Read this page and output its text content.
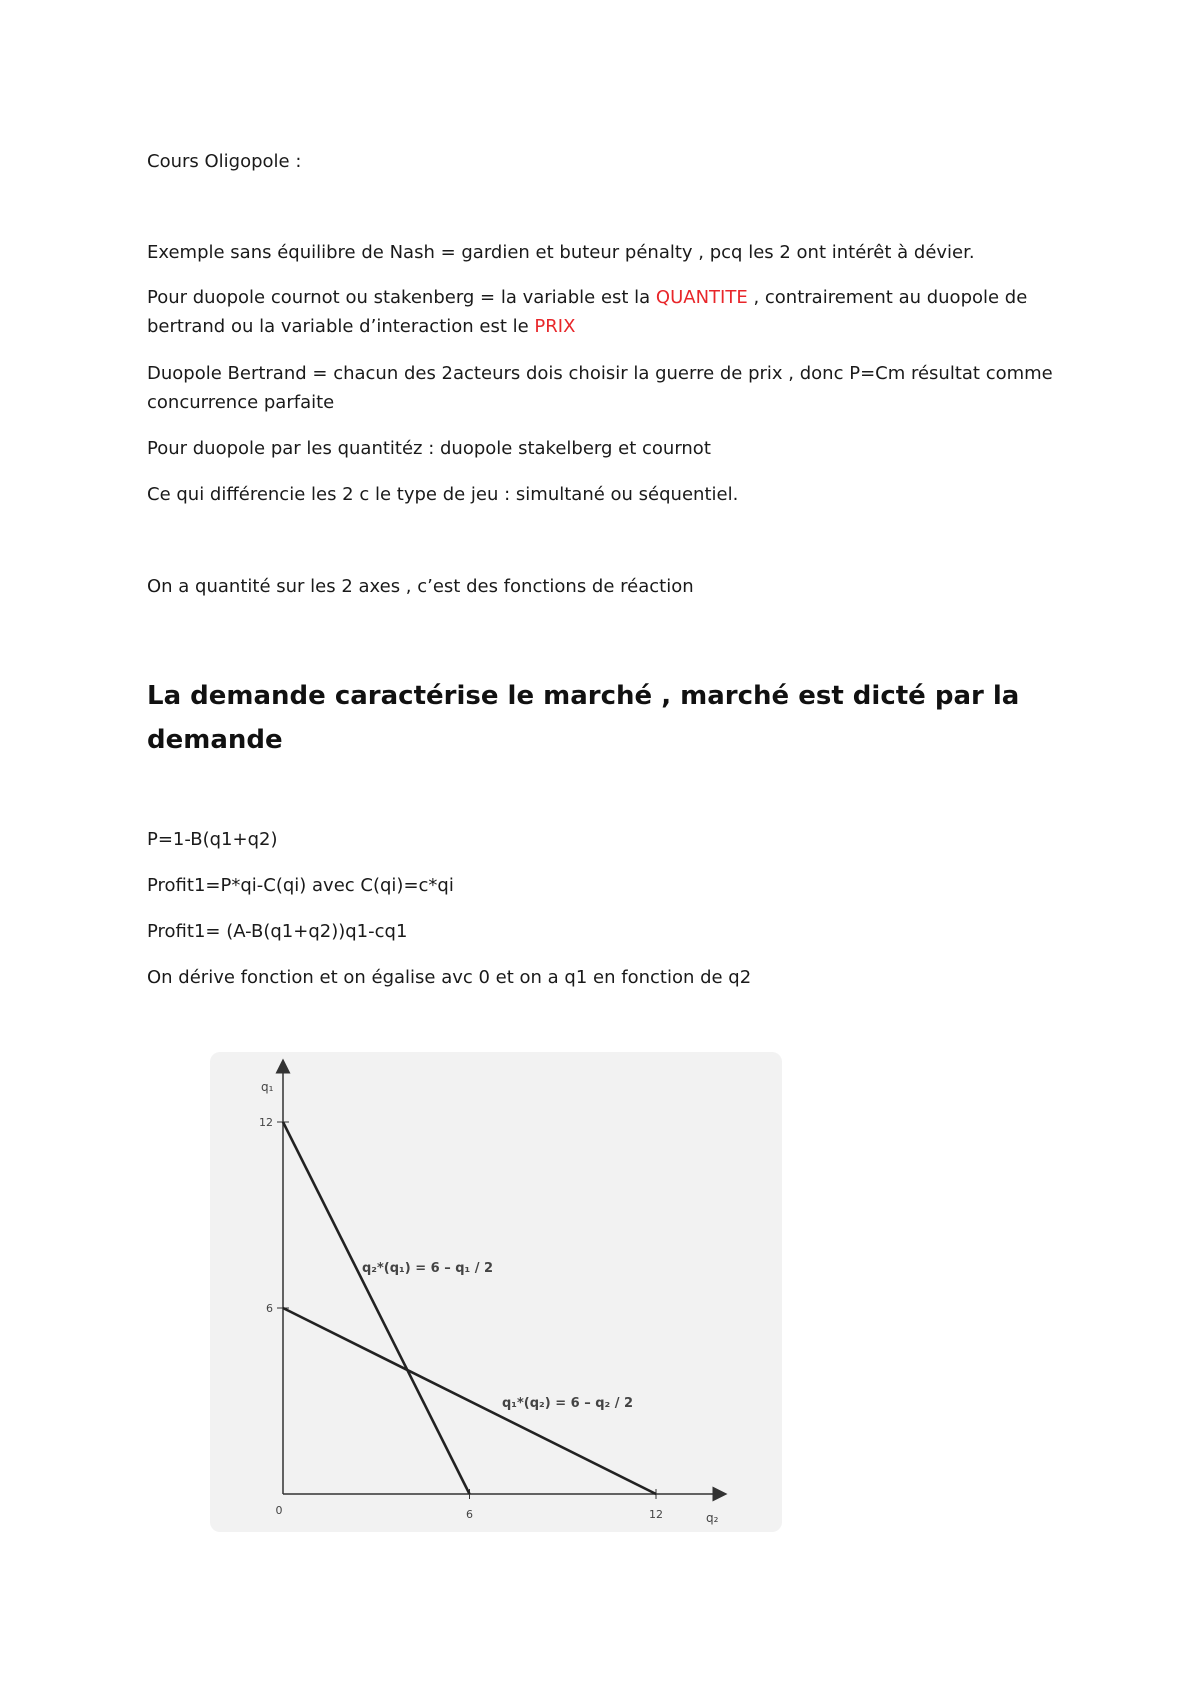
Cours Oligopole :
Exemple sans équilibre de Nash = gardien et buteur pénalty , pcq les 2 ont intérêt à dévier.
Pour duopole cournot ou stakenberg = la variable est la QUANTITE , contrairement au duopole de
bertrand ou la variable d’interaction est le PRIX
Duopole Bertrand = chacun des 2acteurs dois choisir la guerre de prix , donc P=Cm résultat comme
concurrence parfaite
Pour duopole par les quantitéz : duopole stakelberg et cournot
Ce qui différencie les 2 c le type de jeu : simultané ou séquentiel.
On a quantité sur les 2 axes , c’est des fonctions de réaction
La demande caractérise le marché , marché est dicté par la
demande
P=1-B(q1+q2)
Profit1=P*qi-C(qi) avec C(qi)=c*qi
Profit1= (A-B(q1+q2))q1-cq1
On dérive fonction et on égalise avc 0 et on a q1 en fonction de q2
6
12
6	12
0
q₁
q₂
q₂*(q₁) = 6 – q₁ / 2
q₁*(q₂) = 6 – q₂ / 2
